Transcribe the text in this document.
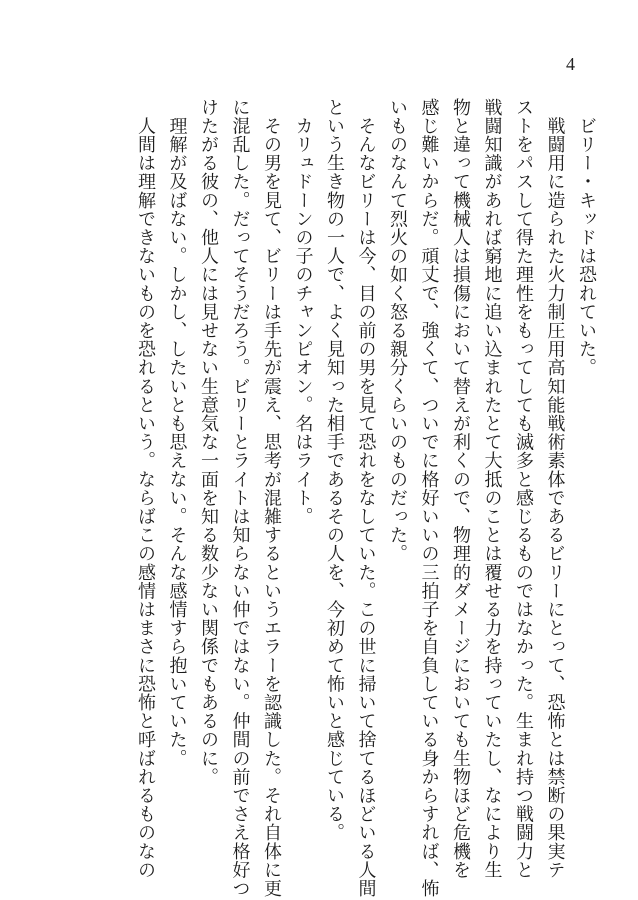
4
　ビリー・キッドは恐れていた。
　戦闘用に造られた火力制圧用高知能戦術素体であるビリーにとって、恐怖とは禁断の果実テ
ストをパスして得た理性をもってしても滅多と感じるものではなかった。生まれ持つ戦闘力と
戦闘知識があれば窮地に追い込まれたとて大抵のことは覆せる力を持っていたし、なにより生
物と違って機械人は損傷において替えが利くので、物理的ダメージにおいても生物ほど危機を
感じ難いからだ。頑丈で、強くて、ついでに格好いいの三拍子を自負している身からすれば、怖
いものなんて烈火の如く怒る親分くらいのものだった。
　そんなビリーは今、目の前の男を見て恐れをなしていた。この世に掃いて捨てるほどいる人間
という生き物の一人で、よく見知った相手であるその人を、今初めて怖いと感じている。
　カリュドーンの子のチャンピオン。名はライト。
　その男を見て、ビリーは手先が震え、思考が混雑するというエラーを認識した。それ自体に更
に混乱した。だってそうだろう。ビリーとライトは知らない仲ではない。仲間の前でさえ格好つ
けたがる彼の、他人には見せない生意気な一面を知る数少ない関係でもあるのに。
　理解が及ばない。しかし、したいとも思えない。そんな感情すら抱いていた。
　人間は理解できないものを恐れるという。ならばこの感情はまさに恐怖と呼ばれるものなの
